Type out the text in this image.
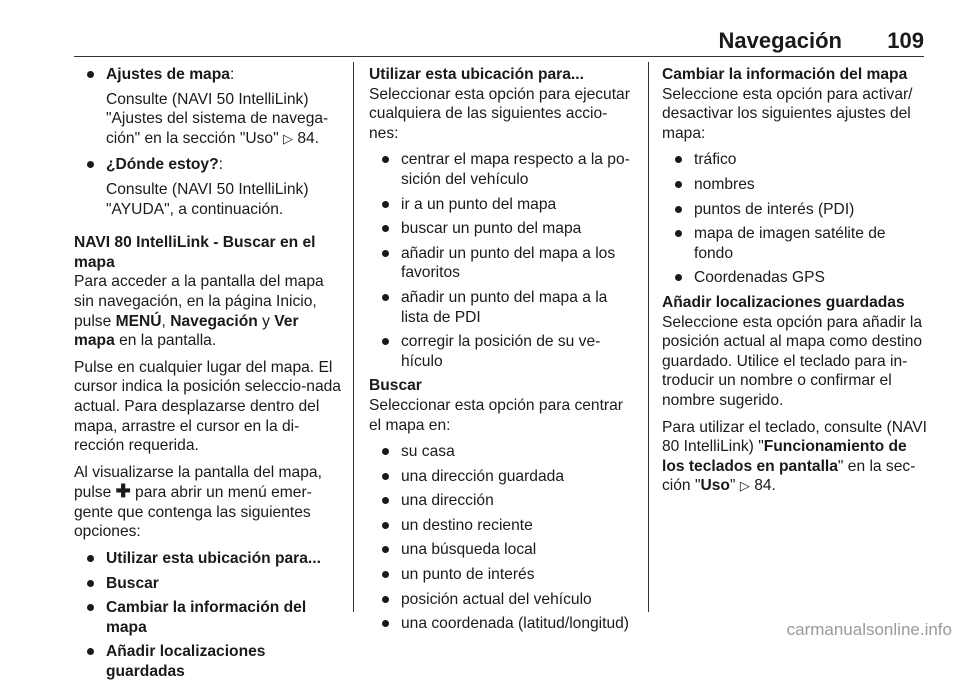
Navegación 109
Ajustes de mapa:

Consulte (NAVI 50 IntelliLink) "Ajustes del sistema de navega-ción" en la sección "Uso" ▷ 84.

¿Dónde estoy?:

Consulte (NAVI 50 IntelliLink) "AYUDA", a continuación.

NAVI 80 IntelliLink - Buscar en el mapa

Para acceder a la pantalla del mapa sin navegación, en la página Inicio, pulse MENÚ, Navegación y Ver mapa en la pantalla.

Pulse en cualquier lugar del mapa. El cursor indica la posición seleccio-nada actual. Para desplazarse dentro del mapa, arrastre el cursor en la di-rección requerida.

Al visualizarse la pantalla del mapa, pulse ✚ para abrir un menú emer-gente que contenga las siguientes opciones:

Utilizar esta ubicación para...
Buscar
Cambiar la información del mapa
Añadir localizaciones guardadas

Utilizar esta ubicación para...

Seleccionar esta opción para ejecutar cualquiera de las siguientes accio-nes:

centrar el mapa respecto a la po-sición del vehículo
ir a un punto del mapa
buscar un punto del mapa
añadir un punto del mapa a los favoritos
añadir un punto del mapa a la lista de PDI
corregir la posición de su ve-hículo

Buscar

Seleccionar esta opción para centrar el mapa en:

su casa
una dirección guardada
una dirección
un destino reciente
una búsqueda local
un punto de interés
posición actual del vehículo
una coordenada (latitud/longitud)

Cambiar la información del mapa

Seleccione esta opción para activar/ desactivar los siguientes ajustes del mapa:

tráfico
nombres
puntos de interés (PDI)
mapa de imagen satélite de fondo
Coordenadas GPS

Añadir localizaciones guardadas

Seleccione esta opción para añadir la posición actual al mapa como destino guardado. Utilice el teclado para in-troducir un nombre o confirmar el nombre sugerido.

Para utilizar el teclado, consulte (NAVI 80 IntelliLink) "Funcionamiento de los teclados en pantalla" en la sec-ción "Uso" ▷ 84.

carmanualsonline.info
